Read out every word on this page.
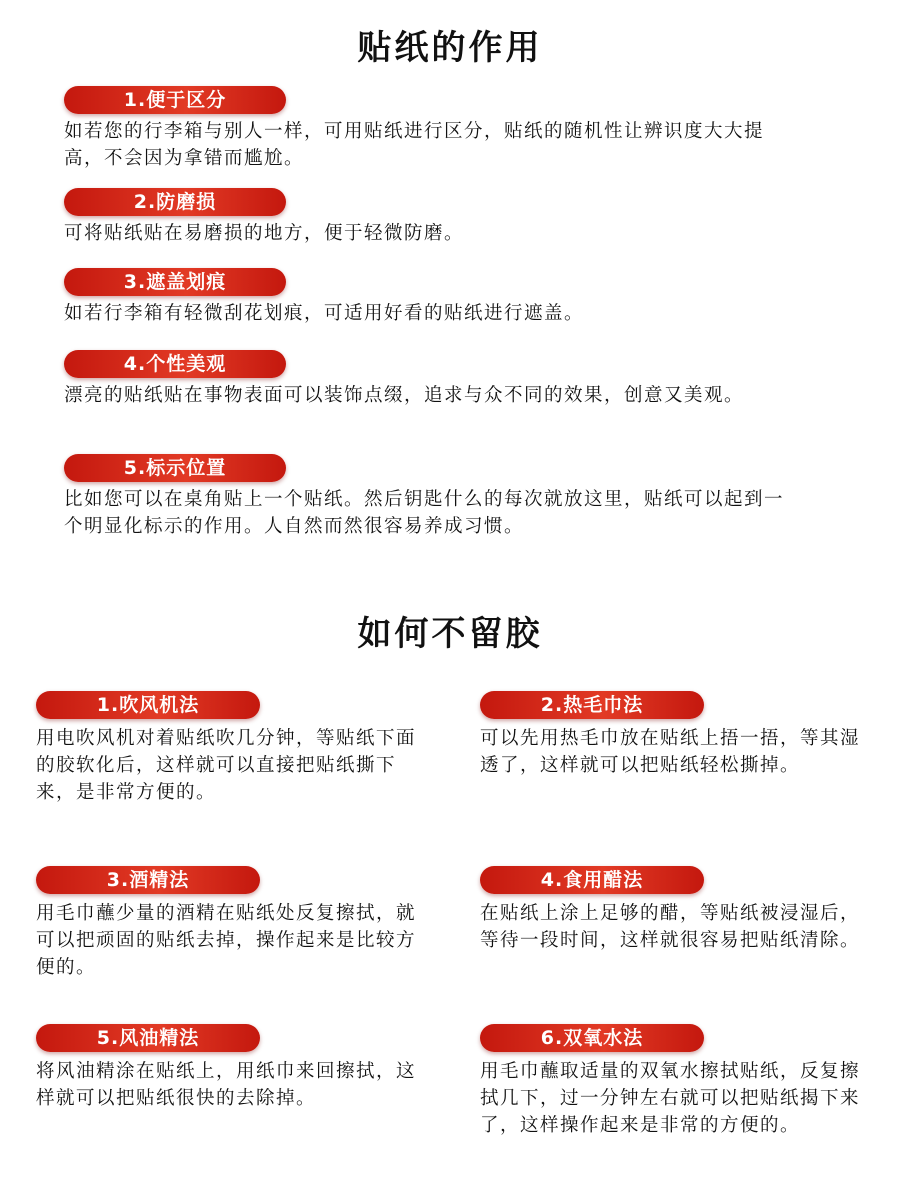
贴纸的作用
1.便于区分

如若您的行李箱与别人一样，可用贴纸进行区分，贴纸的随机性让辨识度大大提高，不会因为拿错而尴尬。

2.防磨损

可将贴纸贴在易磨损的地方，便于轻微防磨。

3.遮盖划痕

如若行李箱有轻微刮花划痕，可适用好看的贴纸进行遮盖。

4.个性美观

漂亮的贴纸贴在事物表面可以装饰点缀，追求与众不同的效果，创意又美观。

5.标示位置

比如您可以在桌角贴上一个贴纸。然后钥匙什么的每次就放这里，贴纸可以起到一个明显化标示的作用。人自然而然很容易养成习惯。

如何不留胶
1.吹风机法

用电吹风机对着贴纸吹几分钟，等贴纸下面的胶软化后，这样就可以直接把贴纸撕下来，是非常方便的。

2.热毛巾法

可以先用热毛巾放在贴纸上捂一捂，等其湿透了，这样就可以把贴纸轻松撕掉。

3.酒精法

用毛巾蘸少量的酒精在贴纸处反复擦拭，就可以把顽固的贴纸去掉，操作起来是比较方便的。

4.食用醋法

在贴纸上涂上足够的醋，等贴纸被浸湿后，等待一段时间，这样就很容易把贴纸清除。

5.风油精法

将风油精涂在贴纸上，用纸巾来回擦拭，这样就可以把贴纸很快的去除掉。

6.双氧水法

用毛巾蘸取适量的双氧水擦拭贴纸，反复擦拭几下，过一分钟左右就可以把贴纸揭下来了，这样操作起来是非常的方便的。
